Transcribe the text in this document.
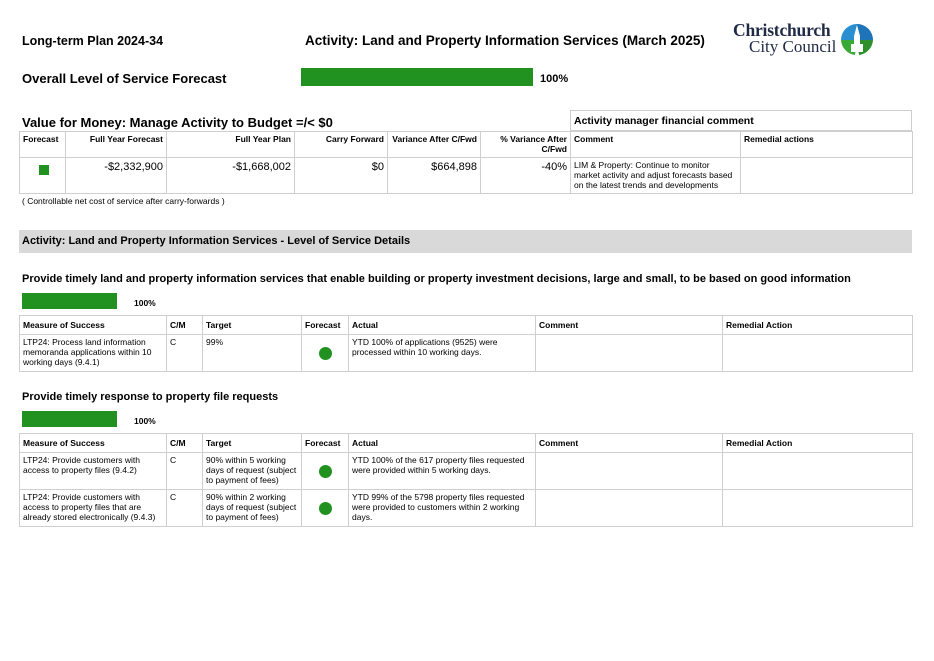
Long-term Plan 2024-34	Activity: Land and Property Information Services (March 2025)
Christchurch
City Council
Overall Level of Service Forecast	100%
Value for Money: Manage Activity to Budget =/< $0	Activity manager financial comment
Forecast	Full Year Forecast	Full Year Plan	Carry Forward	Variance After C/Fwd	% Variance After C/Fwd	Comment	Remedial actions
	-$2,332,900	-$1,668,002	$0	$664,898	-40%	LIM & Property: Continue to monitor market activity and adjust forecasts based on the latest trends and developments	
( Controllable net cost of service after carry-forwards )
Activity: Land and Property Information Services - Level of Service Details
Provide timely land and property information services that enable building or property investment decisions, large and small, to be based on good information
100%
Measure of Success	C/M	Target	Forecast	Actual	Comment	Remedial Action
LTP24: Process land information memoranda applications within 10 working days (9.4.1)	C	99%		YTD 100% of applications (9525) were processed within 10 working days.		
Provide timely response to property file requests
100%
Measure of Success	C/M	Target	Forecast	Actual	Comment	Remedial Action
LTP24: Provide customers with access to property files (9.4.2)	C	90% within 5 working days of request (subject to payment of fees)		YTD 100% of the 617 property files requested were provided within 5 working days.		
LTP24: Provide customers with access to property files that are already stored electronically (9.4.3)	C	90% within 2 working days of request (subject to payment of fees)		YTD 99% of the 5798 property files requested were provided to customers within 2 working days.		
